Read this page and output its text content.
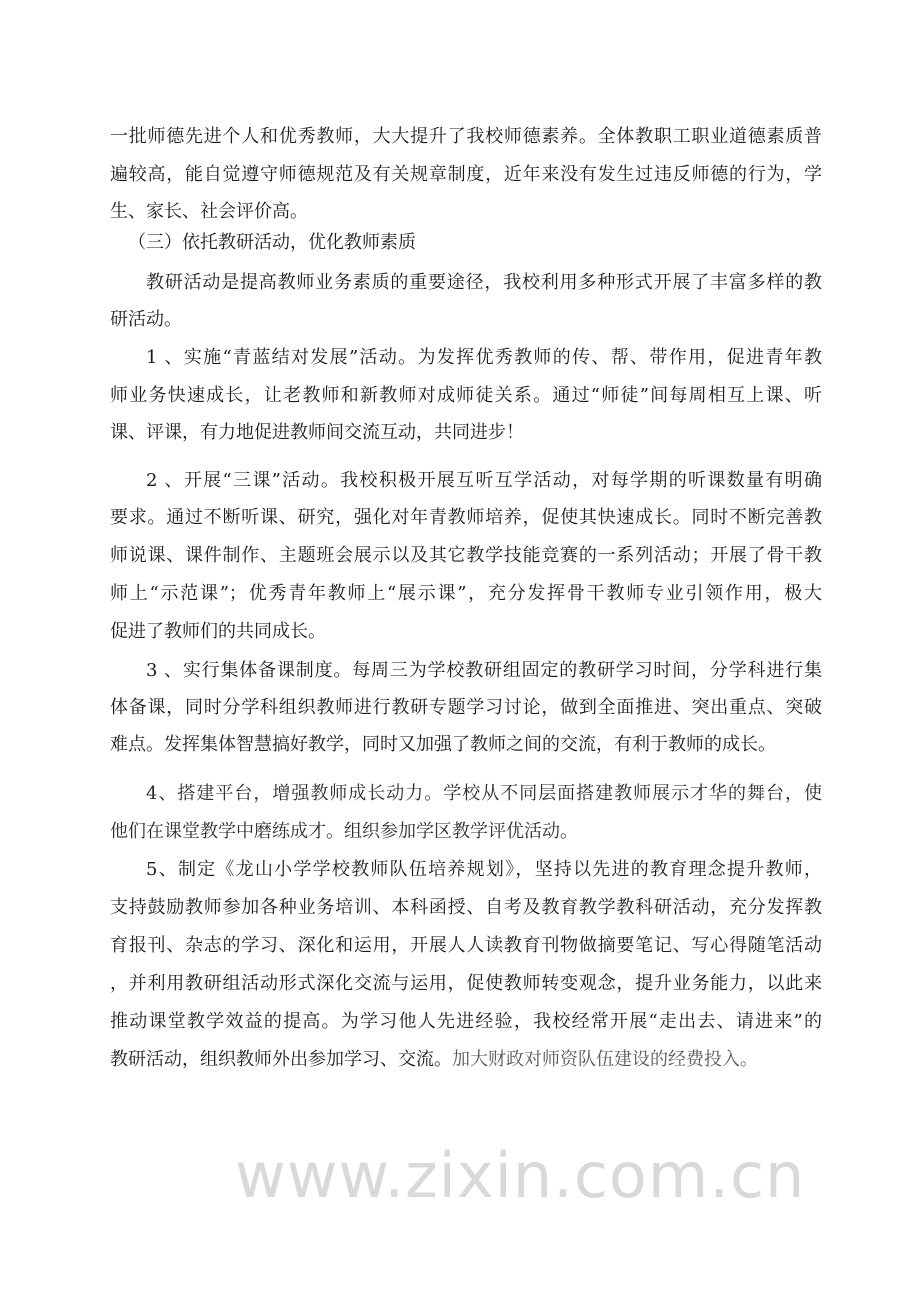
一批师德先进个人和优秀教师，大大提升了我校师德素养。全体教职工职业道德素质普
遍较高，能自觉遵守师德规范及有关规章制度，近年来没有发生过违反师德的行为，学
生、家长、社会评价高。
（三）依托教研活动，优化教师素质
教研活动是提高教师业务素质的重要途径，我校利用多种形式开展了丰富多样的教
研活动。
1 、实施“青蓝结对发展”活动。为发挥优秀教师的传、帮、带作用，促进青年教
师业务快速成长，让老教师和新教师对成师徒关系。通过“师徒”间每周相互上课、听
课、评课，有力地促进教师间交流互动，共同进步！
2 、开展“三课”活动。我校积极开展互听互学活动，对每学期的听课数量有明确
要求。通过不断听课、研究，强化对年青教师培养，促使其快速成长。同时不断完善教
师说课、课件制作、主题班会展示以及其它教学技能竞赛的一系列活动；开展了骨干教
师上“示范课”；优秀青年教师上“展示课”，充分发挥骨干教师专业引领作用，极大
促进了教师们的共同成长。
3 、实行集体备课制度。每周三为学校教研组固定的教研学习时间，分学科进行集
体备课，同时分学科组织教师进行教研专题学习讨论，做到全面推进、突出重点、突破
难点。发挥集体智慧搞好教学，同时又加强了教师之间的交流，有利于教师的成长。
4、搭建平台，增强教师成长动力。学校从不同层面搭建教师展示才华的舞台，使
他们在课堂教学中磨练成才。组织参加学区教学评优活动。
5、制定《龙山小学学校教师队伍培养规划》，坚持以先进的教育理念提升教师，
支持鼓励教师参加各种业务培训、本科函授、自考及教育教学教科研活动，充分发挥教
育报刊、杂志的学习、深化和运用，开展人人读教育刊物做摘要笔记、写心得随笔活动
，并利用教研组活动形式深化交流与运用，促使教师转变观念，提升业务能力，以此来
推动课堂教学效益的提高。为学习他人先进经验，我校经常开展“走出去、请进来”的
教研活动，组织教师外出参加学习、交流。加大财政对师资队伍建设的经费投入。
www.zixin.com.cn
